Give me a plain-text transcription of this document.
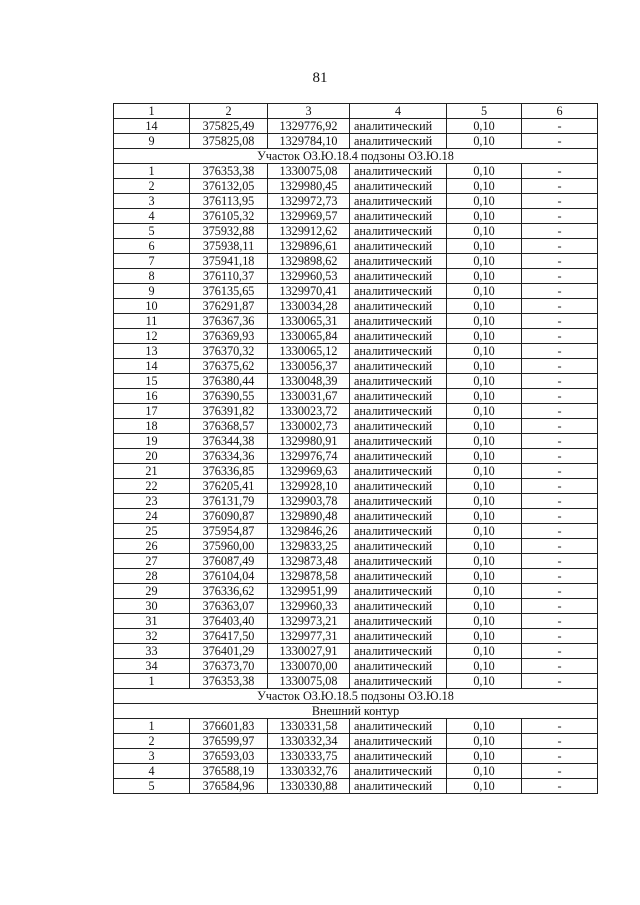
81
1	2	3	4	5	6
14	375825,49	1329776,92	аналитический	0,10	-
9	375825,08	1329784,10	аналитический	0,10	-
Участок ОЗ.Ю.18.4 подзоны ОЗ.Ю.18					
1	376353,38	1330075,08	аналитический	0,10	-
2	376132,05	1329980,45	аналитический	0,10	-
3	376113,95	1329972,73	аналитический	0,10	-
4	376105,32	1329969,57	аналитический	0,10	-
5	375932,88	1329912,62	аналитический	0,10	-
6	375938,11	1329896,61	аналитический	0,10	-
7	375941,18	1329898,62	аналитический	0,10	-
8	376110,37	1329960,53	аналитический	0,10	-
9	376135,65	1329970,41	аналитический	0,10	-
10	376291,87	1330034,28	аналитический	0,10	-
11	376367,36	1330065,31	аналитический	0,10	-
12	376369,93	1330065,84	аналитический	0,10	-
13	376370,32	1330065,12	аналитический	0,10	-
14	376375,62	1330056,37	аналитический	0,10	-
15	376380,44	1330048,39	аналитический	0,10	-
16	376390,55	1330031,67	аналитический	0,10	-
17	376391,82	1330023,72	аналитический	0,10	-
18	376368,57	1330002,73	аналитический	0,10	-
19	376344,38	1329980,91	аналитический	0,10	-
20	376334,36	1329976,74	аналитический	0,10	-
21	376336,85	1329969,63	аналитический	0,10	-
22	376205,41	1329928,10	аналитический	0,10	-
23	376131,79	1329903,78	аналитический	0,10	-
24	376090,87	1329890,48	аналитический	0,10	-
25	375954,87	1329846,26	аналитический	0,10	-
26	375960,00	1329833,25	аналитический	0,10	-
27	376087,49	1329873,48	аналитический	0,10	-
28	376104,04	1329878,58	аналитический	0,10	-
29	376336,62	1329951,99	аналитический	0,10	-
30	376363,07	1329960,33	аналитический	0,10	-
31	376403,40	1329973,21	аналитический	0,10	-
32	376417,50	1329977,31	аналитический	0,10	-
33	376401,29	1330027,91	аналитический	0,10	-
34	376373,70	1330070,00	аналитический	0,10	-
1	376353,38	1330075,08	аналитический	0,10	-
Участок ОЗ.Ю.18.5 подзоны ОЗ.Ю.18					
Внешний контур					
1	376601,83	1330331,58	аналитический	0,10	-
2	376599,97	1330332,34	аналитический	0,10	-
3	376593,03	1330333,75	аналитический	0,10	-
4	376588,19	1330332,76	аналитический	0,10	-
5	376584,96	1330330,88	аналитический	0,10	-
